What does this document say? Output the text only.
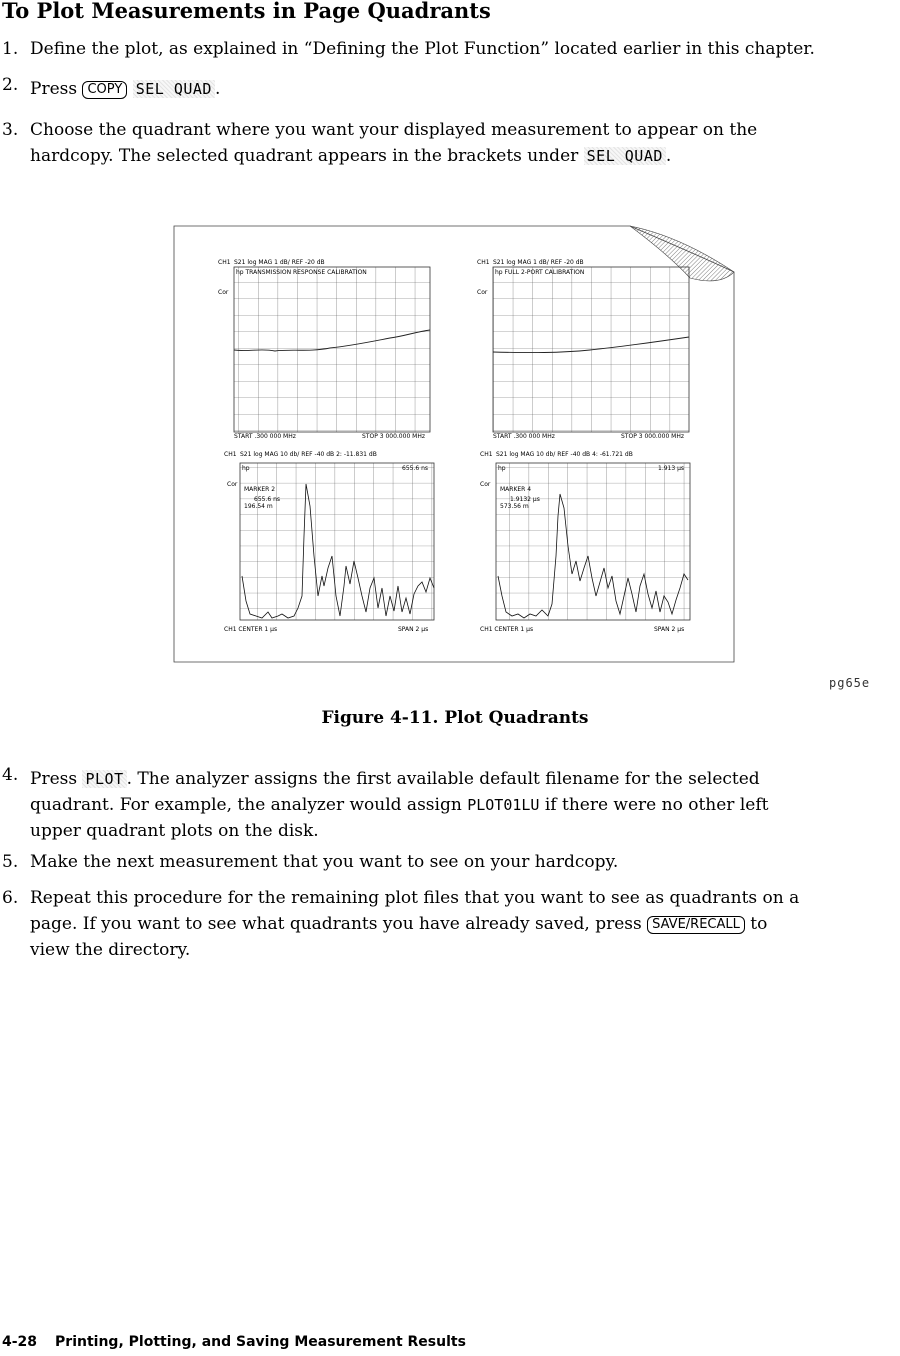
To Plot Measurements in Page Quadrants
1. Define the plot, as explained in “Defining the Plot Function” located earlier in this chapter.
2. Press COPY SEL QUAD .
3. Choose the quadrant where you want your displayed measurement to appear on the
hardcopy. The selected quadrant appears in the brackets under SEL QUAD .
CH1 S21 log MAG 1 dB/ REF -20 dB
hp TRANSMISSION RESPONSE CALIBRATION
Cor
START .300 000 MHz	STOP 3 000.000 MHz
CH1 S21 log MAG 1 dB/ REF -20 dB
hp FULL 2-PORT CALIBRATION
Cor
START .300 000 MHz	STOP 3 000.000 MHz
CH1 S21 log MAG 10 db/ REF -40 dB 2: -11.831 dB
hp	655.6 ns
MARKER 2
655.6 ns
196.54 m
Cor
CH1 CENTER 1 μs	SPAN 2 μs
CH1 S21 log MAG 10 db/ REF -40 dB 4: -61.721 dB
hp	1.913 μs
MARKER 4
1.9132 μs
573.56 m
Cor
CH1 CENTER 1 μs	SPAN 2 μs
pg65e
Figure 4-11. Plot Quadrants
4. Press PLOT . The analyzer assigns the first available default filename for the selected
quadrant. For example, the analyzer would assign PLOT01LU if there were no other left
upper quadrant plots on the disk.
5. Make the next measurement that you want to see on your hardcopy.
6. Repeat this procedure for the remaining plot files that you want to see as quadrants on a
page. If you want to see what quadrants you have already saved, press SAVE/RECALL to
view the directory.
4-28 Printing, Plotting, and Saving Measurement Results
